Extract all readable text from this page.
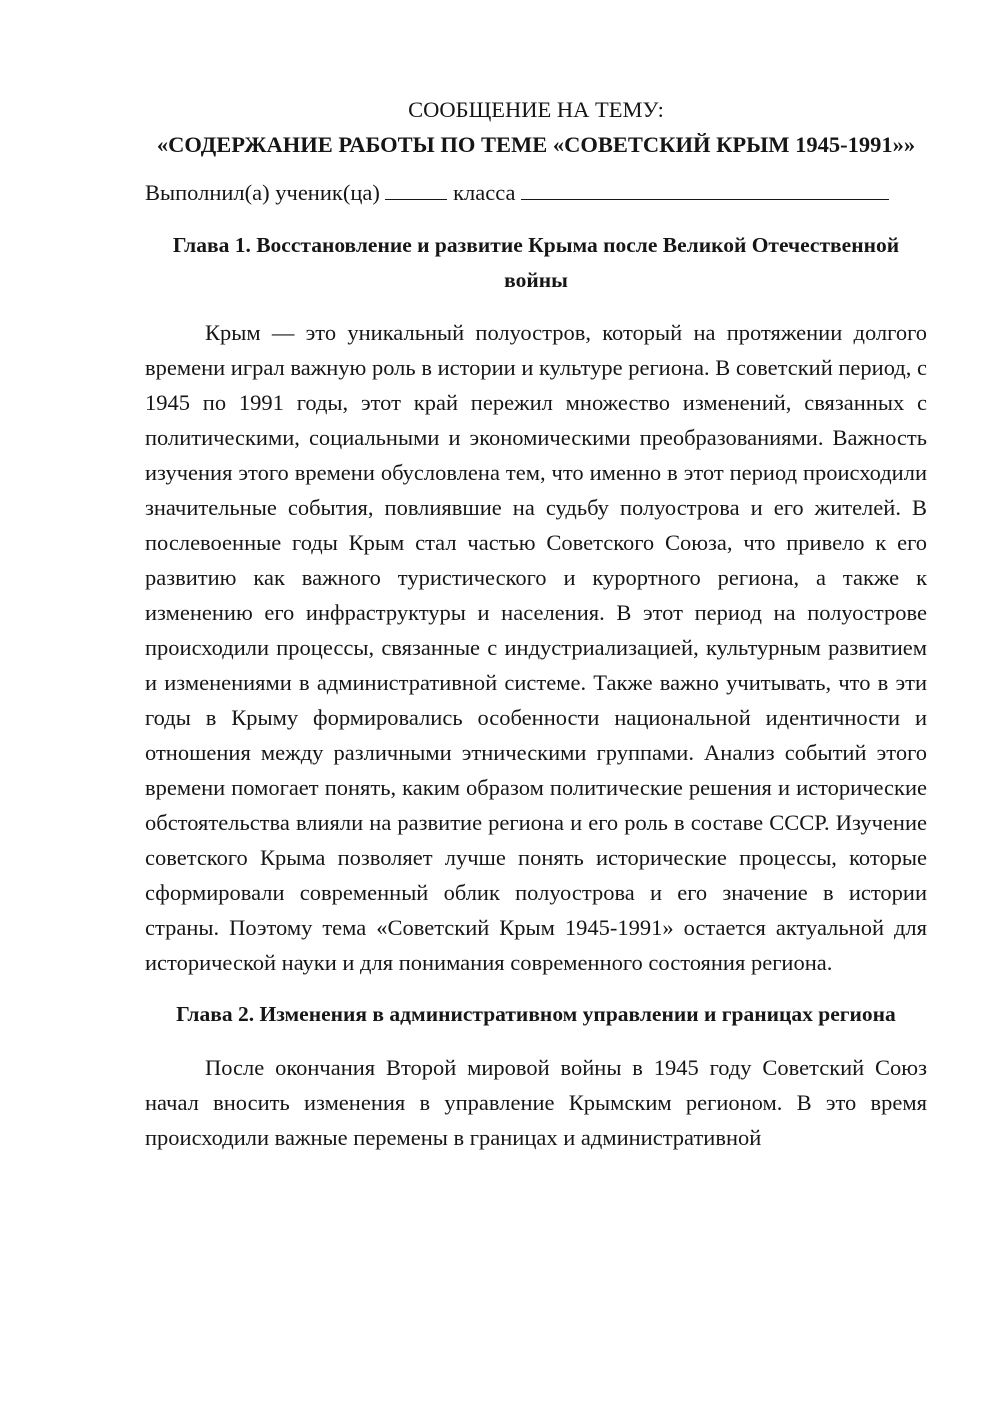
СООБЩЕНИЕ НА ТЕМУ:

«СОДЕРЖАНИЕ РАБОТЫ ПО ТЕМЕ «СОВЕТСКИЙ КРЫМ 1945-1991»»

Выполнил(а) ученик(ца)	класса

Глава 1. Восстановление и развитие Крыма после Великой Отечественной войны

Крым — это уникальный полуостров, который на протяжении долгого времени играл важную роль в истории и культуре региона. В советский период, с 1945 по 1991 годы, этот край пережил множество изменений, связанных с политическими, социальными и экономическими преобразованиями. Важность изучения этого времени обусловлена тем, что именно в этот период происходили значительные события, повлиявшие на судьбу полуострова и его жителей. В послевоенные годы Крым стал частью Советского Союза, что привело к его развитию как важного туристического и курортного региона, а также к изменению его инфраструктуры и населения. В этот период на полуострове происходили процессы, связанные с индустриализацией, культурным развитием и изменениями в административной системе. Также важно учитывать, что в эти годы в Крыму формировались особенности национальной идентичности и отношения между различными этническими группами. Анализ событий этого времени помогает понять, каким образом политические решения и исторические обстоятельства влияли на развитие региона и его роль в составе СССР. Изучение советского Крыма позволяет лучше понять исторические процессы, которые сформировали современный облик полуострова и его значение в истории страны. Поэтому тема «Советский Крым 1945-1991» остается актуальной для исторической науки и для понимания современного состояния региона.

Глава 2. Изменения в административном управлении и границах региона

После окончания Второй мировой войны в 1945 году Советский Союз начал вносить изменения в управление Крымским регионом. В это время происходили важные перемены в границах и административной
